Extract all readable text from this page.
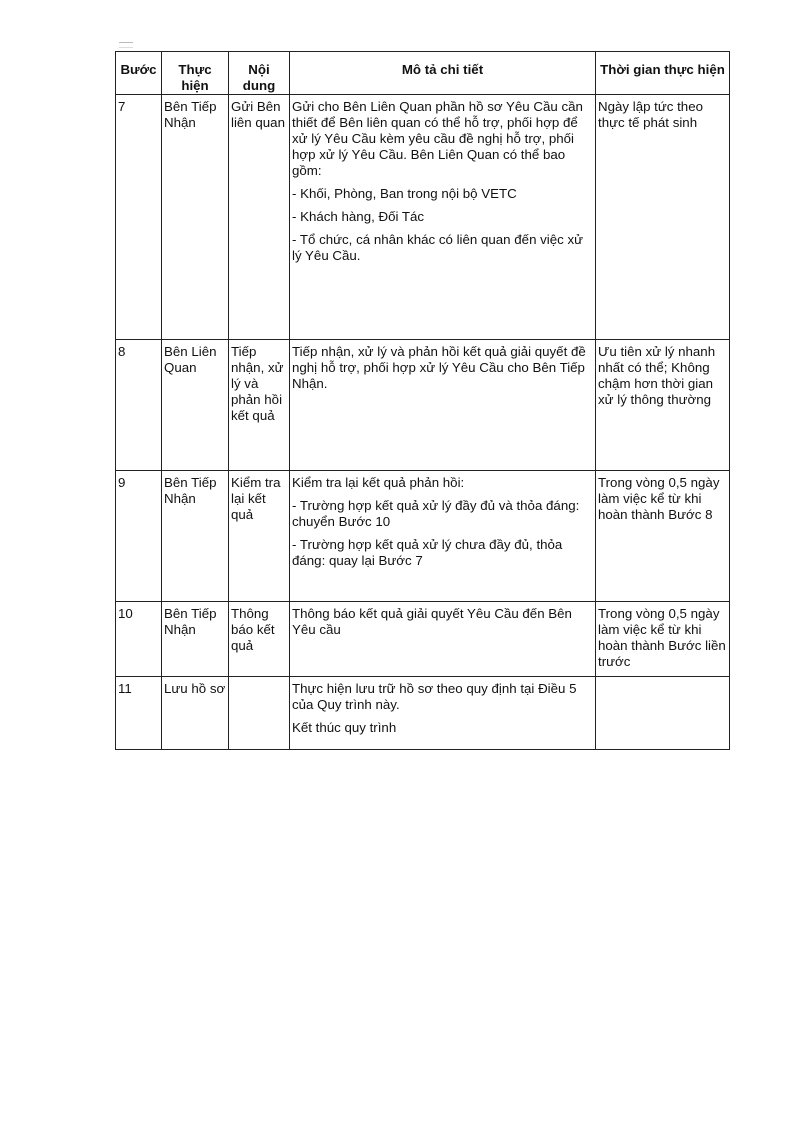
Bước	Thực hiện	Nội dung	Mô tả chi tiết	Thời gian thực hiện
7	Bên Tiếp Nhận	Gửi Bên liên quan	Gửi cho Bên Liên Quan phần hồ sơ Yêu Cầu cần thiết để Bên liên quan có thể hỗ trợ, phối hợp để xử lý Yêu Cầu kèm yêu cầu đề nghị hỗ trợ, phối hợp xử lý Yêu Cầu. Bên Liên Quan có thể bao gồm:

- Khối, Phòng, Ban trong nội bộ VETC

- Khách hàng, Đối Tác

- Tổ chức, cá nhân khác có liên quan đến việc xử lý Yêu Cầu.	Ngày lập tức theo thực tế phát sinh
8	Bên Liên Quan	Tiếp nhận, xử lý và phản hồi kết quả	Tiếp nhận, xử lý và phản hồi kết quả giải quyết đề nghị hỗ trợ, phối hợp xử lý Yêu Cầu cho Bên Tiếp Nhận.	Ưu tiên xử lý nhanh nhất có thể; Không chậm hơn thời gian xử lý thông thường
9	Bên Tiếp Nhận	Kiểm tra lại kết quả	Kiểm tra lại kết quả phản hồi:

- Trường hợp kết quả xử lý đầy đủ và thỏa đáng: chuyển Bước 10

- Trường hợp kết quả xử lý chưa đầy đủ, thỏa đáng: quay lại Bước 7	Trong vòng 0,5 ngày làm việc kể từ khi hoàn thành Bước 8
10	Bên Tiếp Nhận	Thông báo kết quả	Thông báo kết quả giải quyết Yêu Cầu đến Bên Yêu cầu	Trong vòng 0,5 ngày làm việc kể từ khi hoàn thành Bước liền trước
11	Lưu hồ sơ		Thực hiện lưu trữ hồ sơ theo quy định tại Điều 5 của Quy trình này.

Kết thúc quy trình	
